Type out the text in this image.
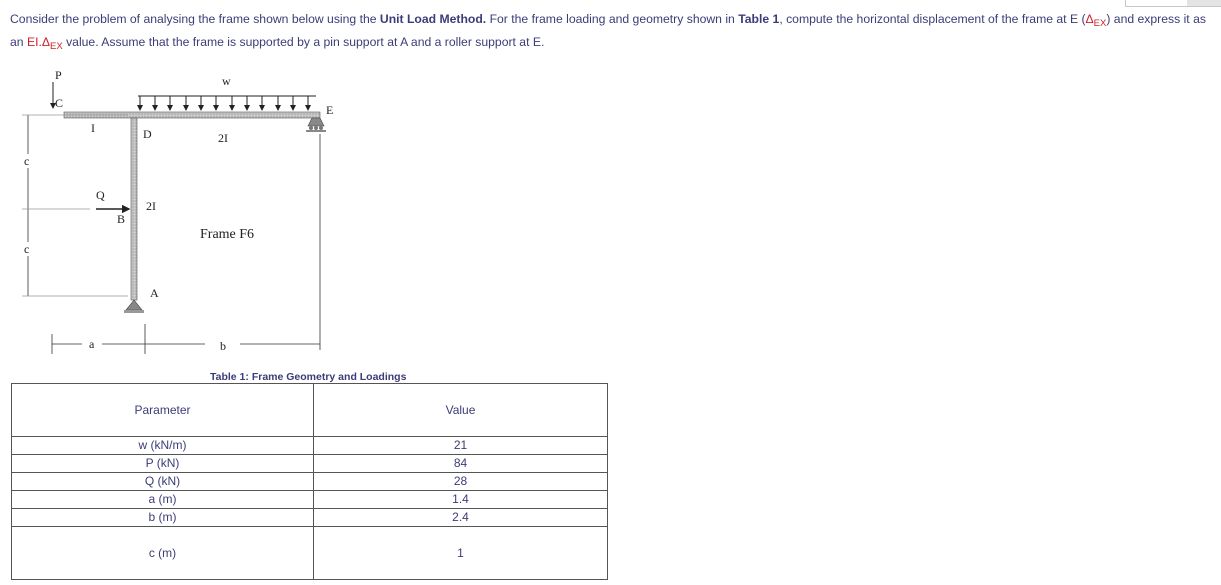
Consider the problem of analysing the frame shown below using the Unit Load Method. For the frame loading and geometry shown in Table 1, compute the horizontal displacement of the frame at E $(\Delta_{EX})$ and express it as an $EI.\Delta_{EX}$ value. Assume that the frame is supported by a pin support at A and a roller support at E.
P
C
w
E
I	D	2I
Q
B
2I
Frame F6
A
c
c
a	b
Table 1: Frame Geometry and Loadings
Parameter	Value
w (kN/m)	21
P (kN)	84
Q (kN)	28
a (m)	1.4
b (m)	2.4
c (m)	1
